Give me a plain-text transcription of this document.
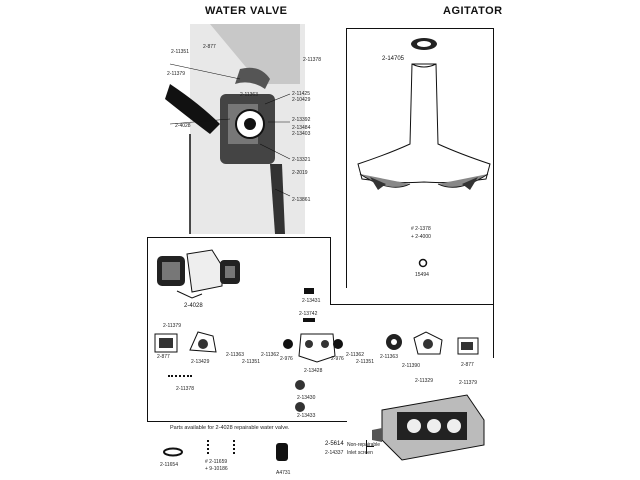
WATER VALVE	AGITATOR
2-877
2-11351
2-11379
2-11378
2-11363
2-4028
2-11425
2-10429
2-13392
2-13484
2-13403
2-13321
2-2019
2-13861
2-14705
# 2-1378
+ 2-4000
15494
2-4028
2-13431
2-13742
2-11379
2-877
2-13429
2-11363
2-11351
2-11362
2-976
2-13428
2-976
2-11362
2-11351
2-11363
2-11390
2-11329
2-877
2-11379
2-11378
2-13430
2-13433
Parts available for 2-4028 repairable water valve.
2-11654	# 2-11659
+ 9-10186
A4731
2-5614 Non-repairable
2-14337 Inlet screen
